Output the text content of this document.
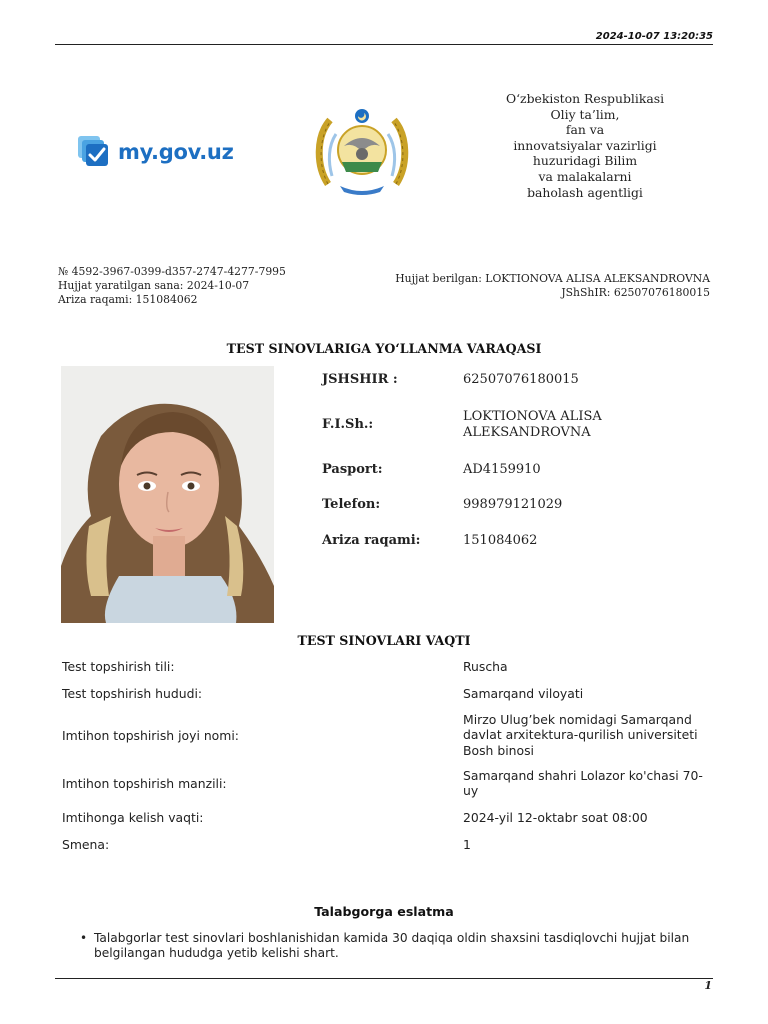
2024-10-07 13:20:35
my.gov.uz
O‘zbekiston Respublikasi
Oliy ta’lim,
fan va
innovatsiyalar vazirligi
huzuridagi Bilim
va malakalarni
baholash agentligi
№ 4592-3967-0399-d357-2747-4277-7995
Hujjat yaratilgan sana: 2024-10-07
Ariza raqami: 151084062
Hujjat berilgan: LOKTIONOVA ALISA ALEKSANDROVNA
JShShIR: 62507076180015
TEST SINOVLARIGA YO‘LLANMA VARAQASI
JSHSHIR :	62507076180015
F.I.Sh.:
LOKTIONOVA ALISA ALEKSANDROVNA
Pasport:	AD4159910
Telefon:	998979121029
Ariza raqami:	151084062
TEST SINOVLARI VAQTI
Test topshirish tili:	Ruscha
Test topshirish hududi:	Samarqand viloyati
Imtihon topshirish joyi nomi:
Mirzo Ulug’bek nomidagi Samarqand davlat arxitektura-qurilish universiteti Bosh binosi
Imtihon topshirish manzili:
Samarqand shahri Lolazor ko'chasi 70-uy
Imtihonga kelish vaqti:	2024-yil 12-oktabr soat 08:00
Smena:	1
Talabgorga eslatma
• Talabgorlar test sinovlari boshlanishidan kamida 30 daqiqa oldin shaxsini tasdiqlovchi hujjat bilan belgilangan hududga yetib kelishi shart.
1
